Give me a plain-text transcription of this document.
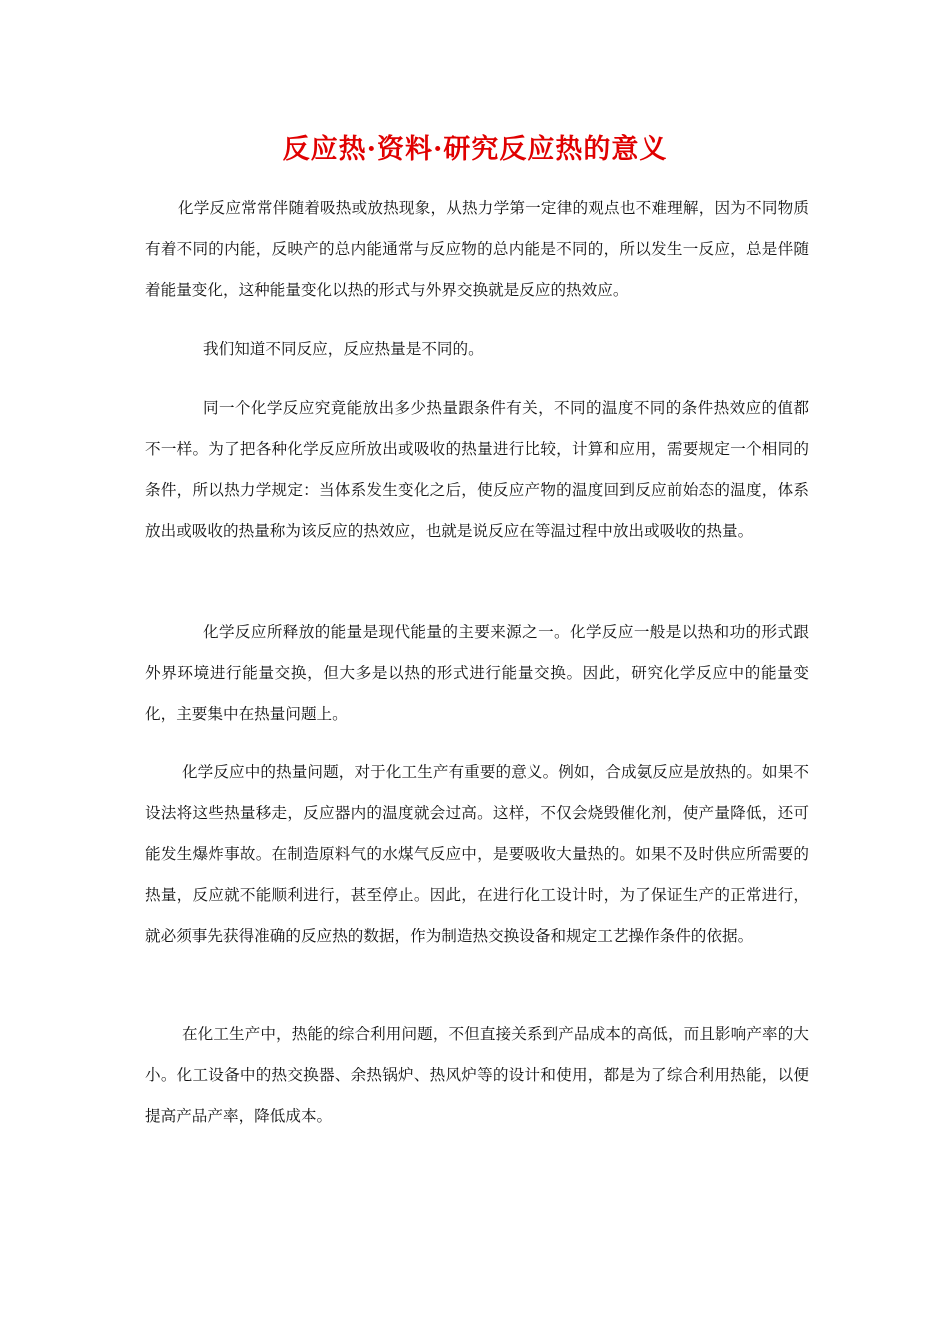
反应热·资料·研究反应热的意义

化学反应常常伴随着吸热或放热现象，从热力学第一定律的观点也不难理解，因为不同物质有着不同的内能，反映产的总内能通常与反应物的总内能是不同的，所以发生一反应，总是伴随着能量变化，这种能量变化以热的形式与外界交换就是反应的热效应。

我们知道不同反应，反应热量是不同的。

同一个化学反应究竟能放出多少热量跟条件有关，不同的温度不同的条件热效应的值都不一样。为了把各种化学反应所放出或吸收的热量进行比较，计算和应用，需要规定一个相同的条件，所以热力学规定：当体系发生变化之后，使反应产物的温度回到反应前始态的温度，体系放出或吸收的热量称为该反应的热效应，也就是说反应在等温过程中放出或吸收的热量。

化学反应所释放的能量是现代能量的主要来源之一。化学反应一般是以热和功的形式跟外界环境进行能量交换，但大多是以热的形式进行能量交换。因此，研究化学反应中的能量变化，主要集中在热量问题上。

化学反应中的热量问题，对于化工生产有重要的意义。例如，合成氨反应是放热的。如果不设法将这些热量移走，反应器内的温度就会过高。这样，不仅会烧毁催化剂，使产量降低，还可能发生爆炸事故。在制造原料气的水煤气反应中，是要吸收大量热的。如果不及时供应所需要的热量，反应就不能顺利进行，甚至停止。因此，在进行化工设计时，为了保证生产的正常进行，就必须事先获得准确的反应热的数据，作为制造热交换设备和规定工艺操作条件的依据。

在化工生产中，热能的综合利用问题，不但直接关系到产品成本的高低，而且影响产率的大小。化工设备中的热交换器、余热锅炉、热风炉等的设计和使用，都是为了综合利用热能，以便提高产品产率，降低成本。
